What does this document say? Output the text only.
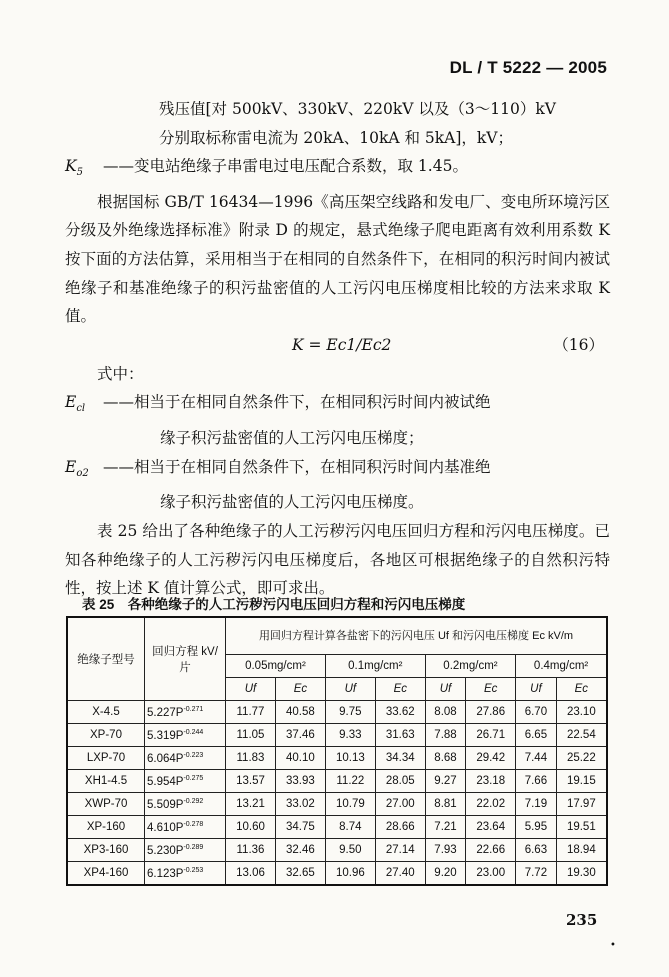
DL / T 5222 — 2005

残压值[对 500kV、330kV、220kV 以及（3～110）kV

分别取标称雷电流为 20kA、10kA 和 5kA]，kV；

$K_5$	——变电站绝缘子串雷电过电压配合系数，取 1.45。

根据国标 GB/T 16434—1996《高压架空线路和发电厂、变电所环境污区分级及外绝缘选择标准》附录 D 的规定，悬式绝缘子爬电距离有效利用系数 K 按下面的方法估算，采用相当于在相同的自然条件下，在相同的积污时间内被试绝缘子和基准绝缘子的积污盐密值的人工污闪电压梯度相比较的方法来求取 K 值。

K = Ec1/Ec2	（16）

式中：

$E_{cl}$	——相当于在相同自然条件下，在相同积污时间内被试绝

缘子积污盐密值的人工污闪电压梯度；

$E_{o2}$ ——相当于在相同自然条件下，在相同积污时间内基准绝

缘子积污盐密值的人工污闪电压梯度。

表 25 给出了各种绝缘子的人工污秽污闪电压回归方程和污闪电压梯度。已知各种绝缘子的人工污秽污闪电压梯度后，各地区可根据绝缘子的自然积污特性，按上述 K 值计算公式，即可求出。

表 25　各种绝缘子的人工污秽污闪电压回归方程和污闪电压梯度
绝缘子型号	回归方程 kV/片	用回归方程计算各盐密下的污闪电压 Uf 和污闪电压梯度 Ec kV/m							
		0.05mg/cm²		0.1mg/cm²		0.2mg/cm²		0.4mg/cm²	
		Uf	Ec	Uf	Ec	Uf	Ec	Uf	Ec
X-4.5	$5.227P^{-0.271}$	11.77	40.58	9.75	33.62	8.08	27.86	6.70	23.10
XP-70	$5.319P^{-0.244}$	11.05	37.46	9.33	31.63	7.88	26.71	6.65	22.54
LXP-70	$6.064P^{-0.223}$	11.83	40.10	10.13	34.34	8.68	29.42	7.44	25.22
XH1-4.5	$5.954P^{-0.275}$	13.57	33.93	11.22	28.05	9.27	23.18	7.66	19.15
XWP-70	$5.509P^{-0.292}$	13.21	33.02	10.79	27.00	8.81	22.02	7.19	17.97
XP-160	$4.610P^{-0.278}$	10.60	34.75	8.74	28.66	7.21	23.64	5.95	19.51
XP3-160	$5.230P^{-0.289}$	11.36	32.46	9.50	27.14	7.93	22.66	6.63	18.94
XP4-160	$6.123P^{-0.253}$	13.06	32.65	10.96	27.40	9.20	23.00	7.72	19.30
235
•
